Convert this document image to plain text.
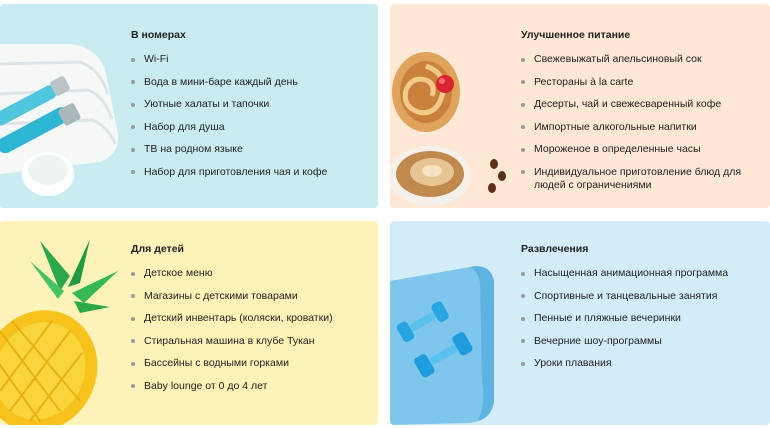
В номерах
Wi-Fi
Вода в мини-баре каждый день
Уютные халаты и тапочки
Набор для душа
ТВ на родном языке
Набор для приготовления чая и кофе
Улучшенное питание
Свежевыжатый апельсиновый сок
Рестораны à la carte
Десерты, чай и свежесваренный кофе
Импортные алкогольные напитки
Мороженое в определенные часы
Индивидуальное приготовление блюд для людей с ограничениями
Для детей
Детское меню
Магазины с детскими товарами
Детский инвентарь (коляски, кроватки)
Стиральная машина в клубе Тукан
Бассейны с водными горками
Baby lounge от 0 до 4 лет
Развлечения
Насыщенная анимационная программа
Спортивные и танцевальные занятия
Пенные и пляжные вечеринки
Вечерние шоу-программы
Уроки плавания
